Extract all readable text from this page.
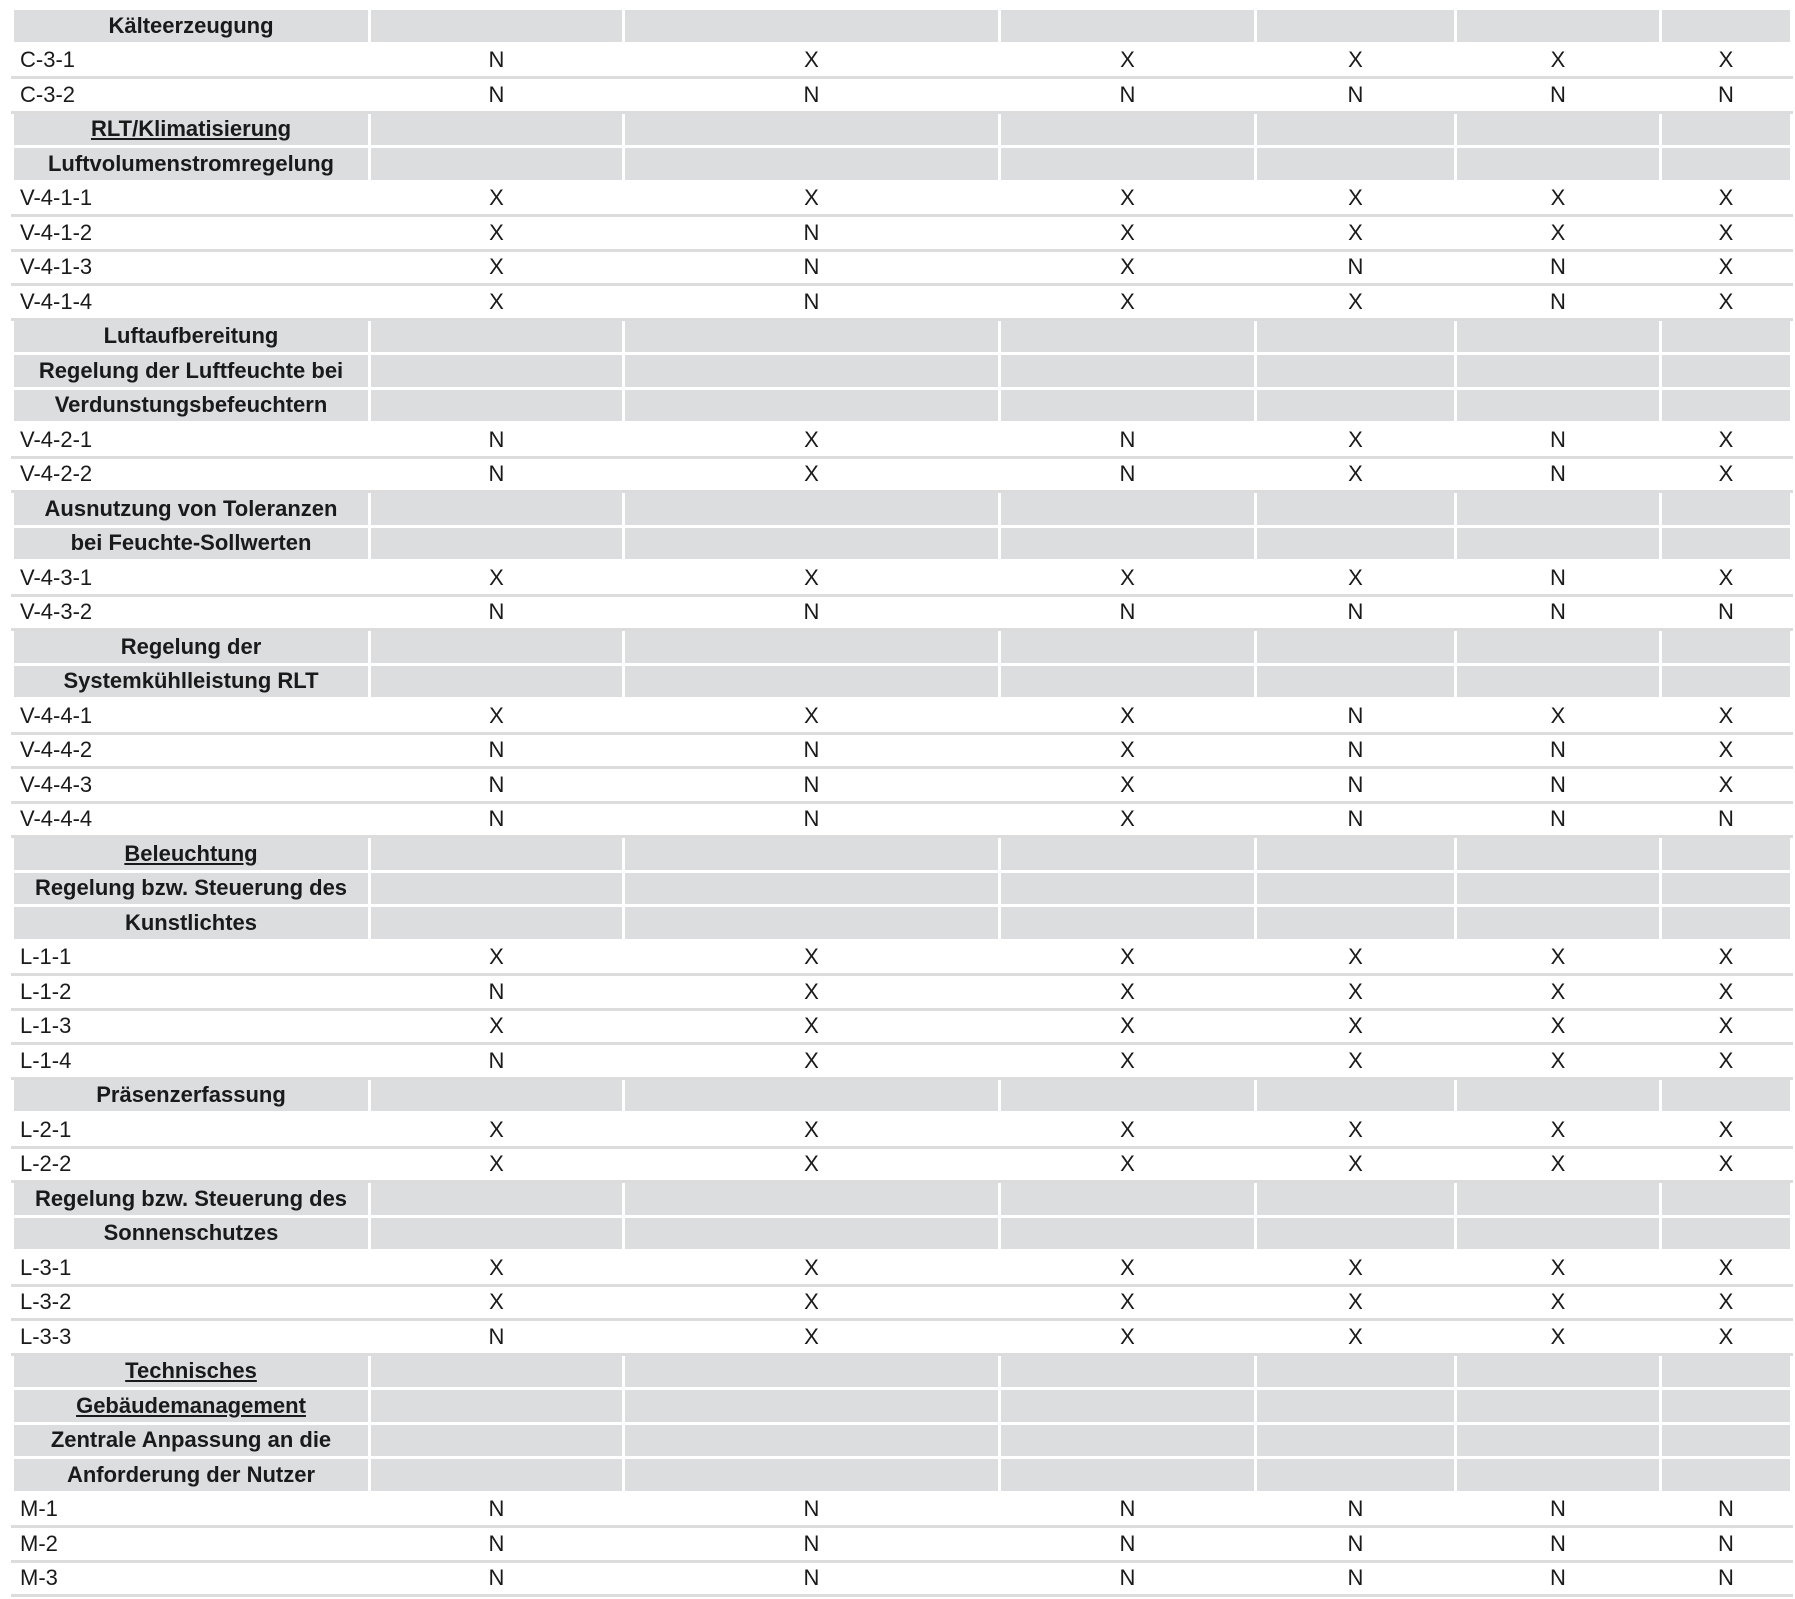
Kälteerzeugung						
C-3-1	N	X	X	X	X	X
C-3-2	N	N	N	N	N	N
RLT/Klimatisierung						
Luftvolumenstromregelung						
V-4-1-1	X	X	X	X	X	X
V-4-1-2	X	N	X	X	X	X
V-4-1-3	X	N	X	N	N	X
V-4-1-4	X	N	X	X	N	X
Luftaufbereitung						
Regelung der Luftfeuchte bei						
Verdunstungsbefeuchtern						
V-4-2-1	N	X	N	X	N	X
V-4-2-2	N	X	N	X	N	X
Ausnutzung von Toleranzen						
bei Feuchte-Sollwerten						
V-4-3-1	X	X	X	X	N	X
V-4-3-2	N	N	N	N	N	N
Regelung der						
Systemkühlleistung RLT						
V-4-4-1	X	X	X	N	X	X
V-4-4-2	N	N	X	N	N	X
V-4-4-3	N	N	X	N	N	X
V-4-4-4	N	N	X	N	N	N
Beleuchtung						
Regelung bzw. Steuerung des						
Kunstlichtes						
L-1-1	X	X	X	X	X	X
L-1-2	N	X	X	X	X	X
L-1-3	X	X	X	X	X	X
L-1-4	N	X	X	X	X	X
Präsenzerfassung						
L-2-1	X	X	X	X	X	X
L-2-2	X	X	X	X	X	X
Regelung bzw. Steuerung des						
Sonnenschutzes						
L-3-1	X	X	X	X	X	X
L-3-2	X	X	X	X	X	X
L-3-3	N	X	X	X	X	X
Technisches						
Gebäudemanagement						
Zentrale Anpassung an die						
Anforderung der Nutzer						
M-1	N	N	N	N	N	N
M-2	N	N	N	N	N	N
M-3	N	N	N	N	N	N
